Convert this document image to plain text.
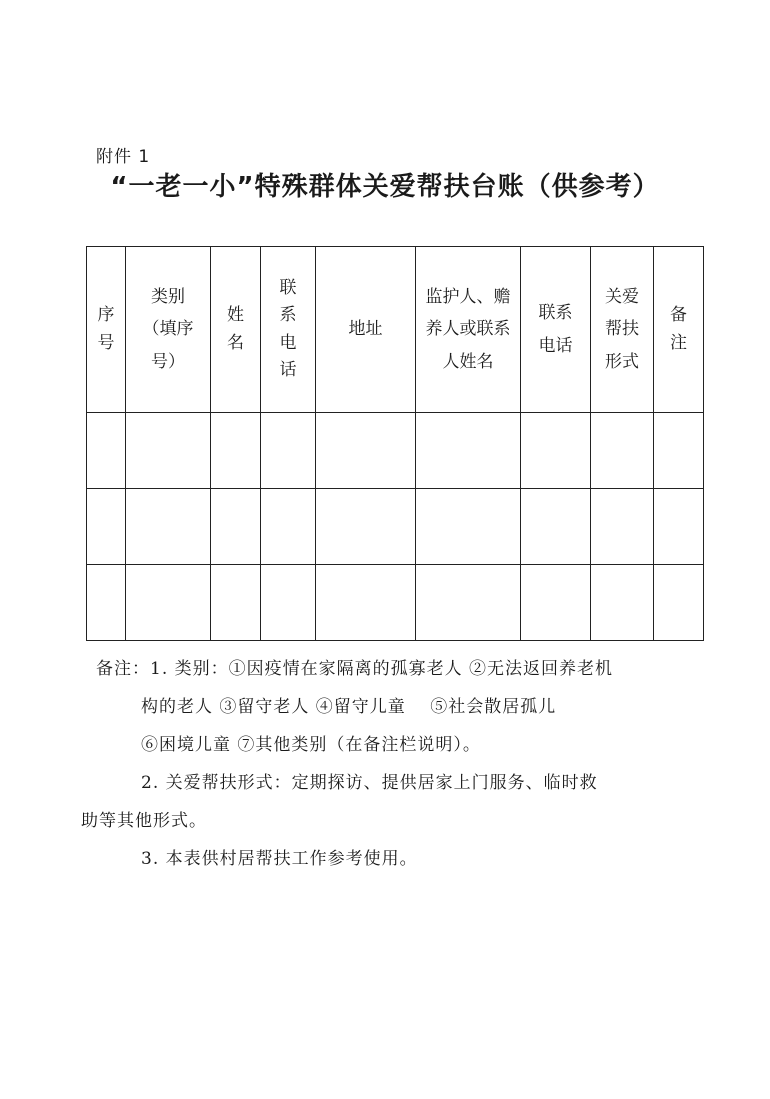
附件 1
“一老一小”特殊群体关爱帮扶台账（供参考）
序号	类别（填序号）	姓名	联系电话	地址	监护人、赡养人或联系人姓名	联系电话	关爱帮扶形式	备注

备注：1. 类别：①因疫情在家隔离的孤寡老人 ②无法返回养老机

构的老人 ③留守老人 ④留守儿童　 ⑤社会散居孤儿

⑥困境儿童 ⑦其他类别（在备注栏说明）。

2. 关爱帮扶形式：定期探访、提供居家上门服务、临时救

助等其他形式。

3. 本表供村居帮扶工作参考使用。
